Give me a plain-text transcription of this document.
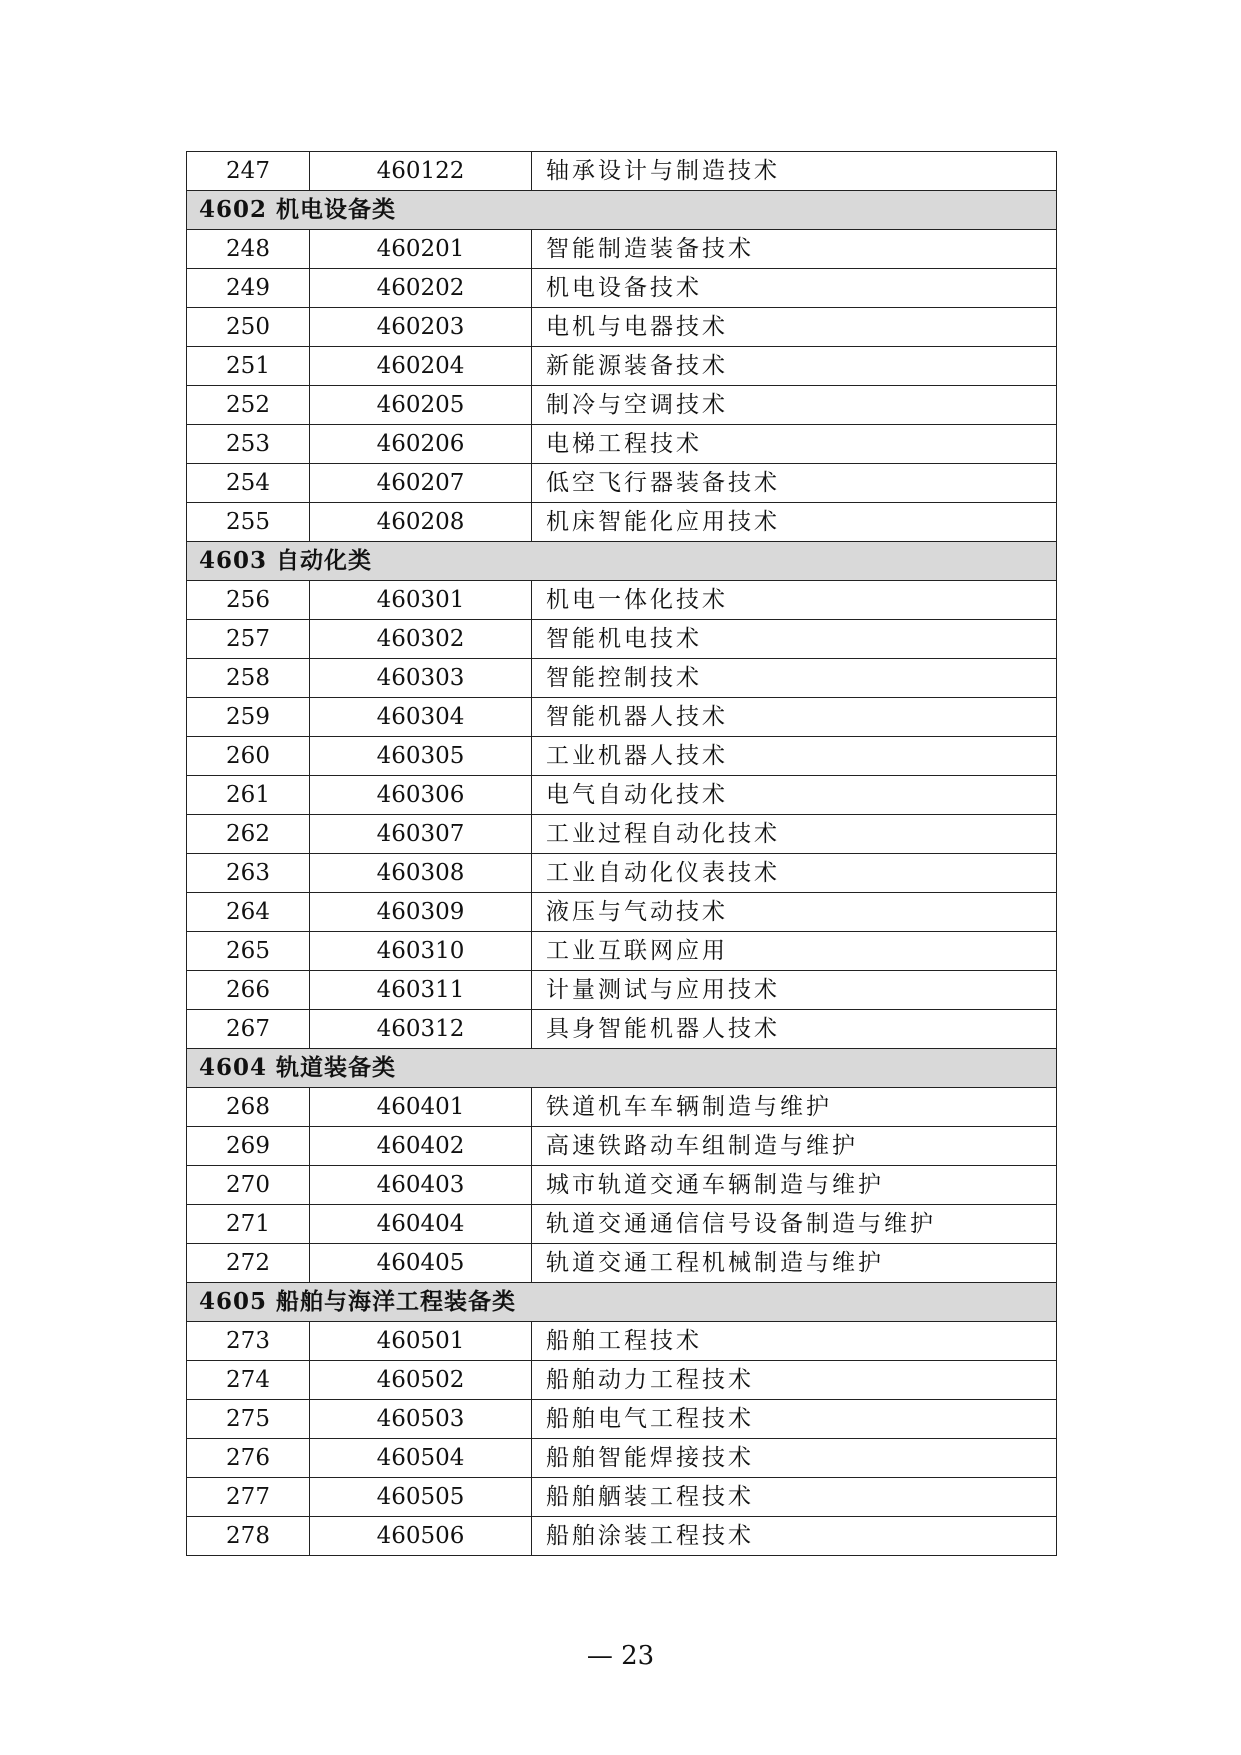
247	460122	轴承设计与制造技术
4602 机电设备类		
248	460201	智能制造装备技术
249	460202	机电设备技术
250	460203	电机与电器技术
251	460204	新能源装备技术
252	460205	制冷与空调技术
253	460206	电梯工程技术
254	460207	低空飞行器装备技术
255	460208	机床智能化应用技术
4603 自动化类		
256	460301	机电一体化技术
257	460302	智能机电技术
258	460303	智能控制技术
259	460304	智能机器人技术
260	460305	工业机器人技术
261	460306	电气自动化技术
262	460307	工业过程自动化技术
263	460308	工业自动化仪表技术
264	460309	液压与气动技术
265	460310	工业互联网应用
266	460311	计量测试与应用技术
267	460312	具身智能机器人技术
4604 轨道装备类		
268	460401	铁道机车车辆制造与维护
269	460402	高速铁路动车组制造与维护
270	460403	城市轨道交通车辆制造与维护
271	460404	轨道交通通信信号设备制造与维护
272	460405	轨道交通工程机械制造与维护
4605 船舶与海洋工程装备类		
273	460501	船舶工程技术
274	460502	船舶动力工程技术
275	460503	船舶电气工程技术
276	460504	船舶智能焊接技术
277	460505	船舶舾装工程技术
278	460506	船舶涂装工程技术
— 23
